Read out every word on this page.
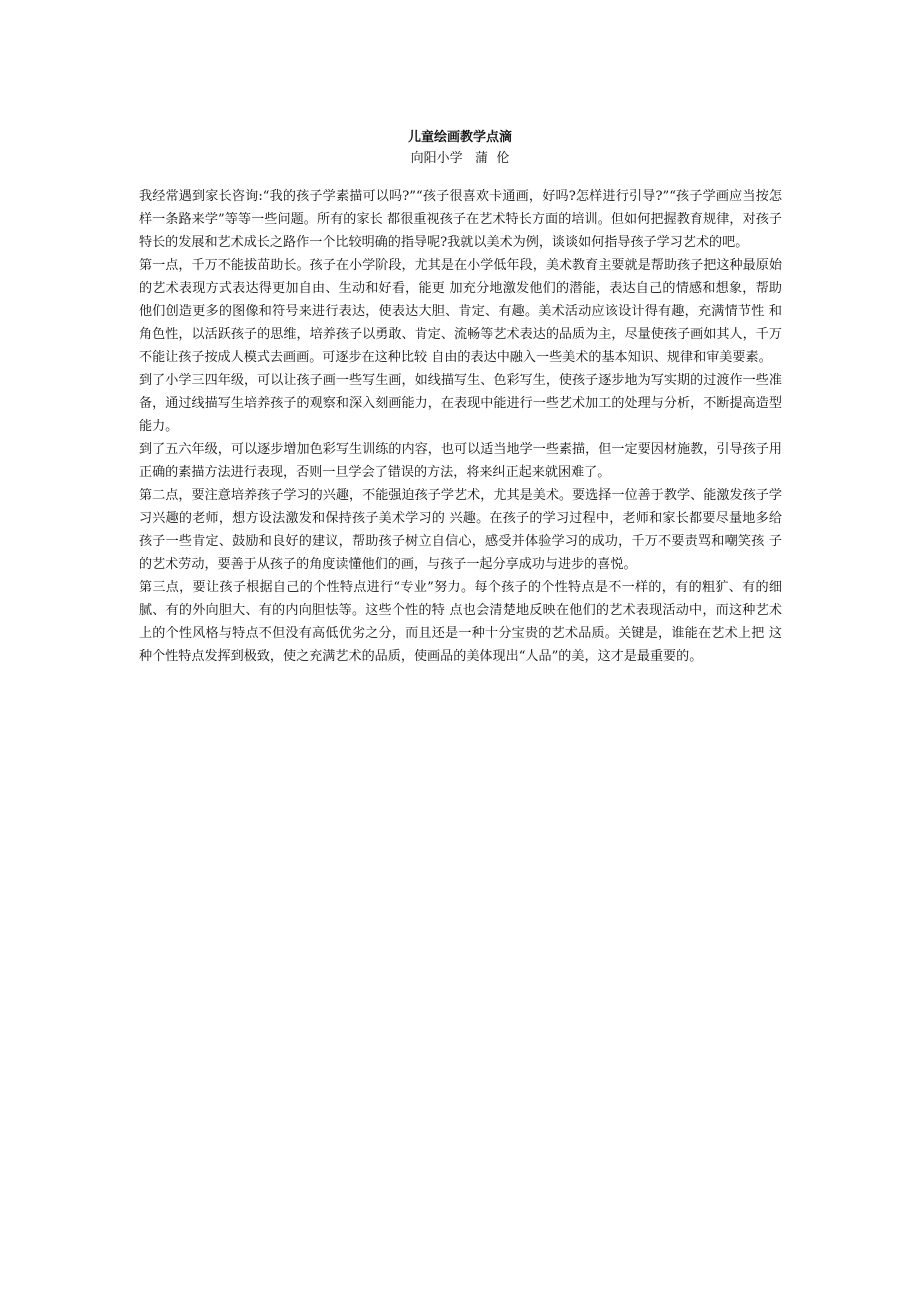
儿童绘画教学点滴

向阳小学   蒲  伦

我经常遇到家长咨询:“我的孩子学素描可以吗?”“孩子很喜欢卡通画，好吗?怎样进行引导?”“孩子学画应当按怎样一条路来学”等等一些问题。所有的家长 都很重视孩子在艺术特长方面的培训。但如何把握教育规律，对孩子特长的发展和艺术成长之路作一个比较明确的指导呢?我就以美术为例，谈谈如何指导孩子学习艺术的吧。

第一点，千万不能拔苗助长。孩子在小学阶段，尤其是在小学低年段，美术教育主要就是帮助孩子把这种最原始的艺术表现方式表达得更加自由、生动和好看，能更 加充分地激发他们的潜能，表达自己的情感和想象，帮助他们创造更多的图像和符号来进行表达，使表达大胆、肯定、有趣。美术活动应该设计得有趣，充满情节性 和角色性，以活跃孩子的思维，培养孩子以勇敢、肯定、流畅等艺术表达的品质为主，尽量使孩子画如其人，千万不能让孩子按成人模式去画画。可逐步在这种比较 自由的表达中融入一些美术的基本知识、规律和审美要素。

到了小学三四年级，可以让孩子画一些写生画，如线描写生、色彩写生，使孩子逐步地为写实期的过渡作一些准备，通过线描写生培养孩子的观察和深入刻画能力，在表现中能进行一些艺术加工的处理与分析，不断提高造型能力。

到了五六年级，可以逐步增加色彩写生训练的内容，也可以适当地学一些素描，但一定要因材施教，引导孩子用正确的素描方法进行表现，否则一旦学会了错误的方法，将来纠正起来就困难了。

第二点，要注意培养孩子学习的兴趣，不能强迫孩子学艺术，尤其是美术。要选择一位善于教学、能激发孩子学习兴趣的老师，想方设法激发和保持孩子美术学习的 兴趣。在孩子的学习过程中，老师和家长都要尽量地多给孩子一些肯定、鼓励和良好的建议，帮助孩子树立自信心，感受并体验学习的成功，千万不要责骂和嘲笑孩 子的艺术劳动，要善于从孩子的角度读懂他们的画，与孩子一起分享成功与进步的喜悦。

第三点，要让孩子根据自己的个性特点进行“专业”努力。每个孩子的个性特点是不一样的，有的粗犷、有的细腻、有的外向胆大、有的内向胆怯等。这些个性的特 点也会清楚地反映在他们的艺术表现活动中，而这种艺术上的个性风格与特点不但没有高低优劣之分，而且还是一种十分宝贵的艺术品质。关键是，谁能在艺术上把 这种个性特点发挥到极致，使之充满艺术的品质，使画品的美体现出“人品”的美，这才是最重要的。
